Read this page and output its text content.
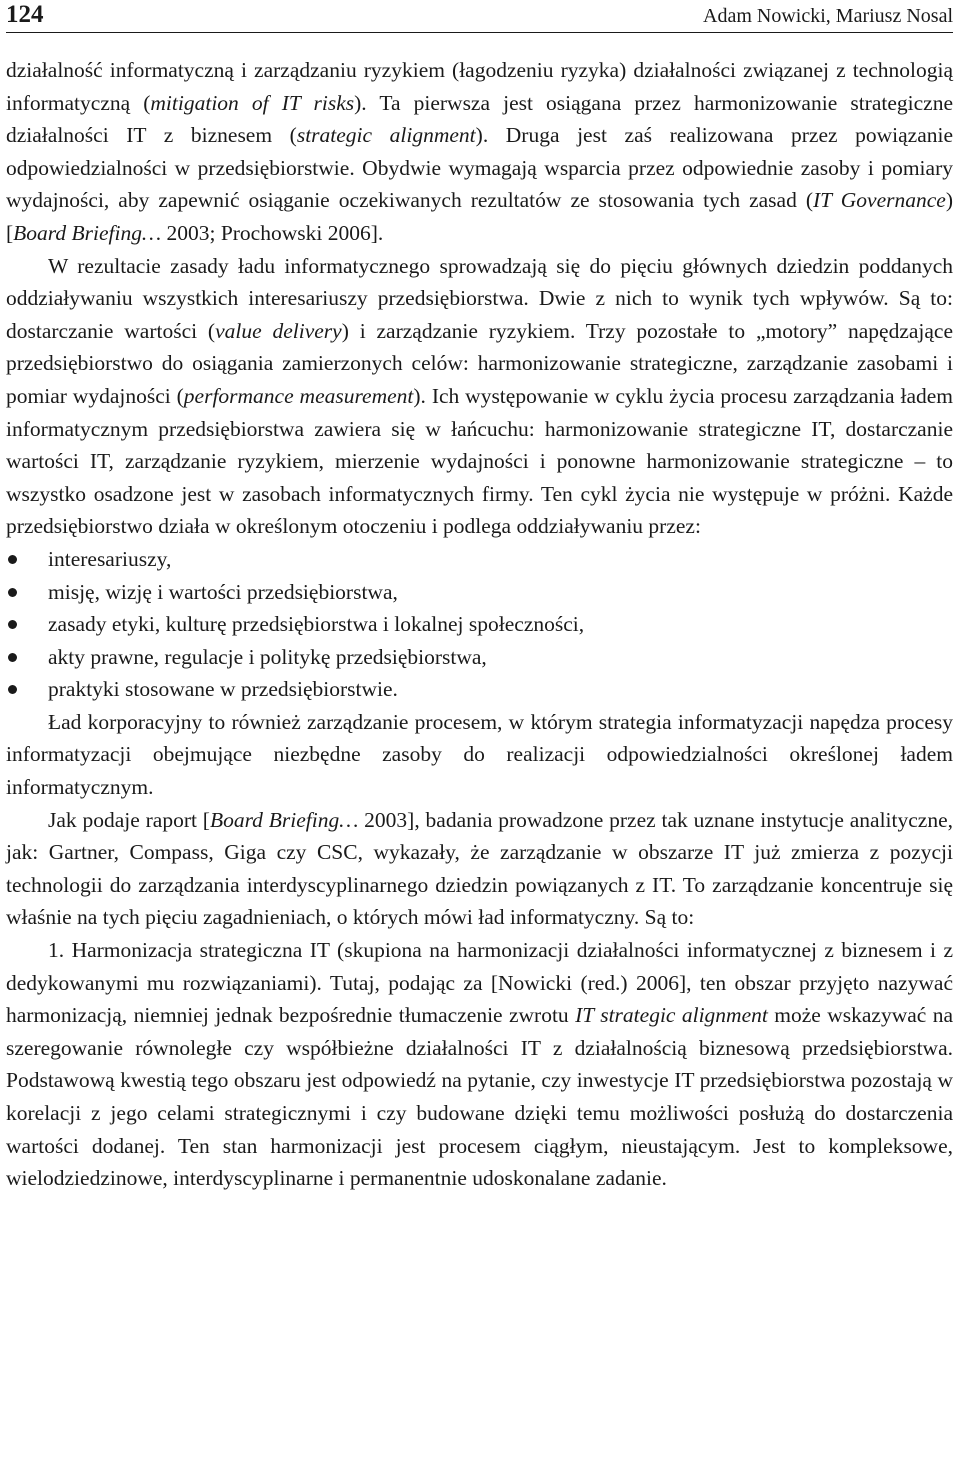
124	Adam Nowicki, Mariusz Nosal

działalność informatyczną i zarządzaniu ryzykiem (łagodzeniu ryzyka) działalności związanej z technologią informatyczną (mitigation of IT risks). Ta pierwsza jest osiągana przez harmonizowanie strategiczne działalności IT z biznesem (strategic alignment). Druga jest zaś realizowana przez powiązanie odpowiedzialności w przedsiębiorstwie. Obydwie wymagają wsparcia przez odpowiednie zasoby i pomiary wydajności, aby zapewnić osiąganie oczekiwanych rezultatów ze stosowania tych zasad (IT Governance) [Board Briefing… 2003; Prochowski 2006].

W rezultacie zasady ładu informatycznego sprowadzają się do pięciu głównych dziedzin poddanych oddziaływaniu wszystkich interesariuszy przedsiębiorstwa. Dwie z nich to wynik tych wpływów. Są to: dostarczanie wartości (value delivery) i zarządzanie ryzykiem. Trzy pozostałe to „motory” napędzające przedsiębiorstwo do osiągania zamierzonych celów: harmonizowanie strategiczne, zarządzanie zasobami i pomiar wydajności (performance measurement). Ich występowanie w cyklu życia procesu zarządzania ładem informatycznym przedsiębiorstwa zawiera się w łańcuchu: harmonizowanie strategiczne IT, dostarczanie wartości IT, zarządzanie ryzykiem, mierzenie wydajności i ponowne harmonizowanie strategiczne – to wszystko osadzone jest w zasobach informatycznych firmy. Ten cykl życia nie występuje w próżni. Każde przedsiębiorstwo działa w określonym otoczeniu i podlega oddziaływaniu przez:

interesariuszy,
misję, wizję i wartości przedsiębiorstwa,
zasady etyki, kulturę przedsiębiorstwa i lokalnej społeczności,
akty prawne, regulacje i politykę przedsiębiorstwa,
praktyki stosowane w przedsiębiorstwie.

Ład korporacyjny to również zarządzanie procesem, w którym strategia informatyzacji napędza procesy informatyzacji obejmujące niezbędne zasoby do realizacji odpowiedzialności określonej ładem informatycznym.

Jak podaje raport [Board Briefing… 2003], badania prowadzone przez tak uznane instytucje analityczne, jak: Gartner, Compass, Giga czy CSC, wykazały, że zarządzanie w obszarze IT już zmierza z pozycji technologii do zarządzania interdyscyplinarnego dziedzin powiązanych z IT. To zarządzanie koncentruje się właśnie na tych pięciu zagadnieniach, o których mówi ład informatyczny. Są to:

1. Harmonizacja strategiczna IT (skupiona na harmonizacji działalności informatycznej z biznesem i z dedykowanymi mu rozwiązaniami). Tutaj, podając za [Nowicki (red.) 2006], ten obszar przyjęto nazywać harmonizacją, niemniej jednak bezpośrednie tłumaczenie zwrotu IT strategic alignment może wskazywać na szeregowanie równoległe czy współbieżne działalności IT z działalnością biznesową przedsiębiorstwa. Podstawową kwestią tego obszaru jest odpowiedź na pytanie, czy inwestycje IT przedsiębiorstwa pozostają w korelacji z jego celami strategicznymi i czy budowane dzięki temu możliwości posłużą do dostarczenia wartości dodanej. Ten stan harmonizacji jest procesem ciągłym, nieustającym. Jest to kompleksowe, wielodziedzinowe, interdyscyplinarne i permanentnie udoskonalane zadanie.
